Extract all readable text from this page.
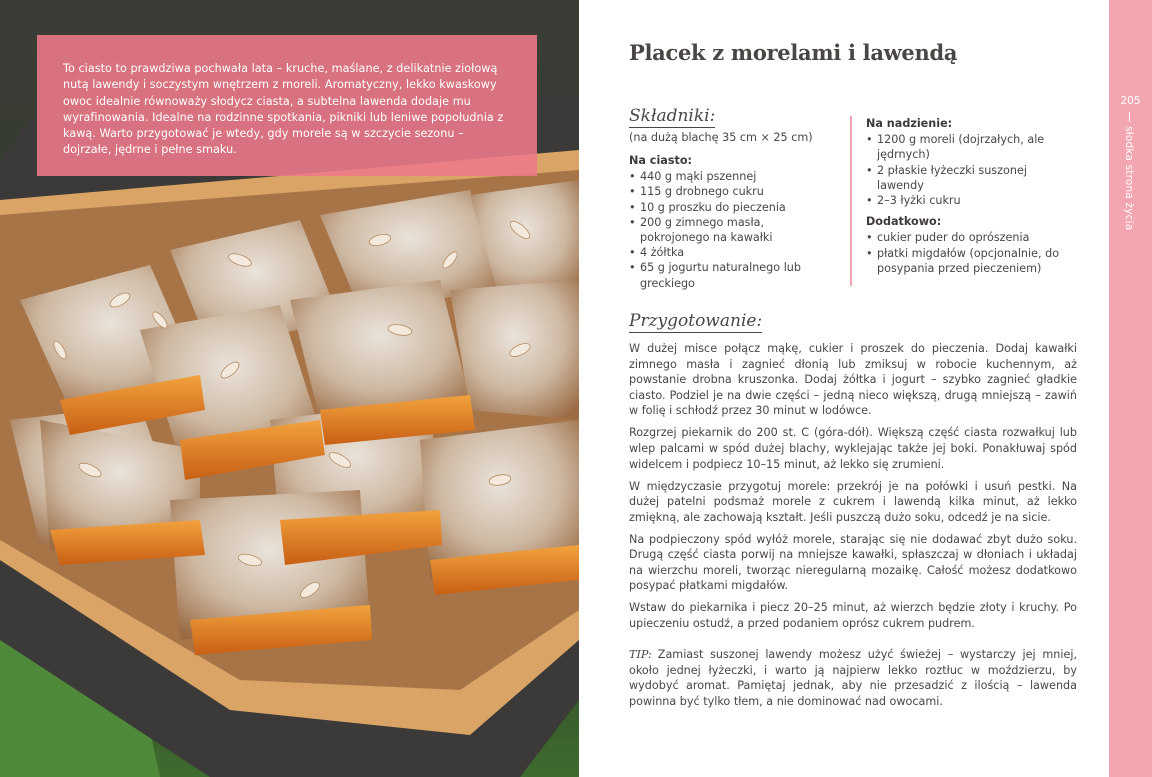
To ciasto to prawdziwa pochwała lata – kruche, maślane, z delikatnie ziołową nutą lawendy i soczystym wnętrzem z moreli. Aromatyczny, lekko kwaskowy owoc idealnie równoważy słodycz ciasta, a subtelna lawenda dodaje mu wyrafinowania. Idealne na rodzinne spotkania, pikniki lub leniwe popołudnia z kawą. Warto przygotować je wtedy, gdy morele są w szczycie sezonu – dojrzałe, jędrne i pełne smaku.

Placek z morelami i lawendą
Składniki:
(na dużą blachę 35 cm × 25 cm)
Na ciasto:
• 440 g mąki pszennej
• 115 g drobnego cukru
• 10 g proszku do pieczenia
• 200 g zimnego masła, pokrojonego na kawałki
• 4 żółtka
• 65 g jogurtu naturalnego lub greckiego
Na nadzienie:
• 1200 g moreli (dojrzałych, ale jędrnych)
• 2 płaskie łyżeczki suszonej lawendy
• 2–3 łyżki cukru
Dodatkowo:
• cukier puder do oprószenia
• płatki migdałów (opcjonalnie, do posypania przed pieczeniem)
Przygotowanie:

W dużej misce połącz mąkę, cukier i proszek do pieczenia. Dodaj kawałki zimnego masła i zagnieć dłonią lub zmiksuj w robocie kuchennym, aż powstanie drobna kruszonka. Dodaj żółtka i jogurt – szybko zagnieć gładkie ciasto. Podziel je na dwie części – jedną nieco większą, drugą mniejszą – zawiń w folię i schłodź przez 30 minut w lodówce.

Rozgrzej piekarnik do 200 st. C (góra-dół). Większą część ciasta rozwałkuj lub wlep palcami w spód dużej blachy, wyklejając także jej boki. Ponakłuwaj spód widelcem i podpiecz 10–15 minut, aż lekko się zrumieni.

W międzyczasie przygotuj morele: przekrój je na połówki i usuń pestki. Na dużej patelni podsmaż morele z cukrem i lawendą kilka minut, aż lekko zmiękną, ale zachowają kształt. Jeśli puszczą dużo soku, odcedź je na sicie.

Na podpieczony spód wyłóż morele, starając się nie dodawać zbyt dużo soku. Drugą część ciasta porwij na mniejsze kawałki, spłaszczaj w dłoniach i układaj na wierzchu moreli, tworząc nieregularną mozaikę. Całość możesz dodatkowo posypać płatkami migdałów.

Wstaw do piekarnika i piecz 20–25 minut, aż wierzch będzie złoty i kruchy. Po upieczeniu ostudź, a przed podaniem oprósz cukrem pudrem.

TIP: Zamiast suszonej lawendy możesz użyć świeżej – wystarczy jej mniej, około jednej łyżeczki, i warto ją najpierw lekko roztłuc w moździerzu, by wydobyć aromat. Pamiętaj jednak, aby nie przesadzić z ilością – lawenda powinna być tylko tłem, a nie dominować nad owocami.
205
słodka strona życia
